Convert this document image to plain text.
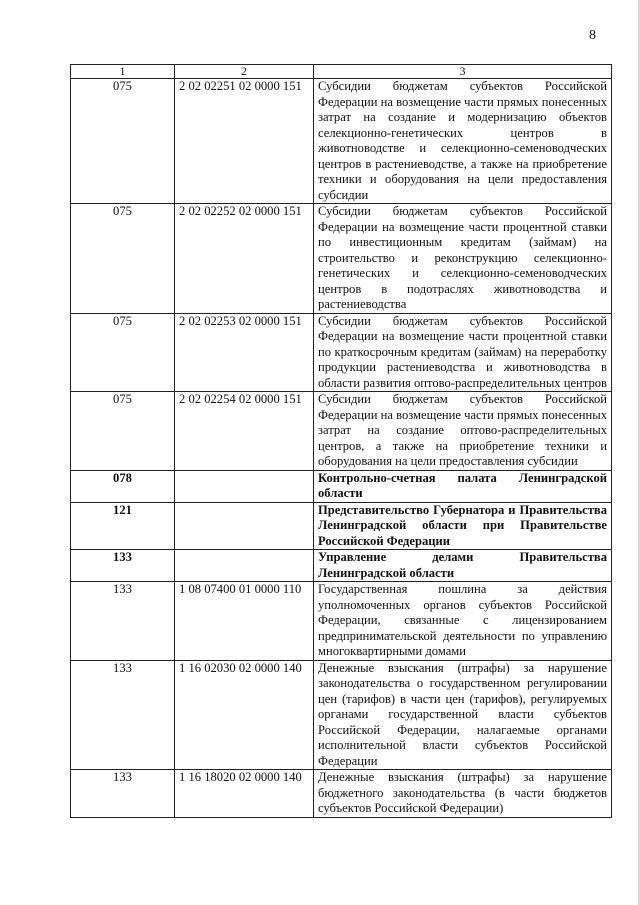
8
1	2	3
075	2 02 02251 02 0000 151	Субсидии бюджетам субъектов Российской Федерации на возмещение части прямых понесенных затрат на создание и модернизацию объектов селекционно-генетических центров в животноводстве и селекционно-семеноводческих центров в растениеводстве, а также на приобретение техники и оборудования на цели предоставления субсидии
075	2 02 02252 02 0000 151	Субсидии бюджетам субъектов Российской Федерации на возмещение части процентной ставки по инвестиционным кредитам (займам) на строительство и реконструкцию селекционно-генетических и селекционно-семеноводческих центров в подотраслях животноводства и растениеводства
075	2 02 02253 02 0000 151	Субсидии бюджетам субъектов Российской Федерации на возмещение части процентной ставки по краткосрочным кредитам (займам) на переработку продукции растениеводства и животноводства в области развития оптово-распределительных центров
075	2 02 02254 02 0000 151	Субсидии бюджетам субъектов Российской Федерации на возмещение части прямых понесенных затрат на создание оптово-распределительных центров, а также на приобретение техники и оборудования на цели предоставления субсидии
078		Контрольно-счетная палата Ленинградской области
121		Представительство Губернатора и Правительства Ленинградской области при Правительстве Российской Федерации
133		Управление делами Правительства Ленинградской области
133	1 08 07400 01 0000 110	Государственная пошлина за действия уполномоченных органов субъектов Российской Федерации, связанные с лицензированием предпринимательской деятельности по управлению многоквартирными домами
133	1 16 02030 02 0000 140	Денежные взыскания (штрафы) за нарушение законодательства о государственном регулировании цен (тарифов) в части цен (тарифов), регулируемых органами государственной власти субъектов Российской Федерации, налагаемые органами исполнительной власти субъектов Российской Федерации
133	1 16 18020 02 0000 140	Денежные взыскания (штрафы) за нарушение бюджетного законодательства (в части бюджетов субъектов Российской Федерации)
